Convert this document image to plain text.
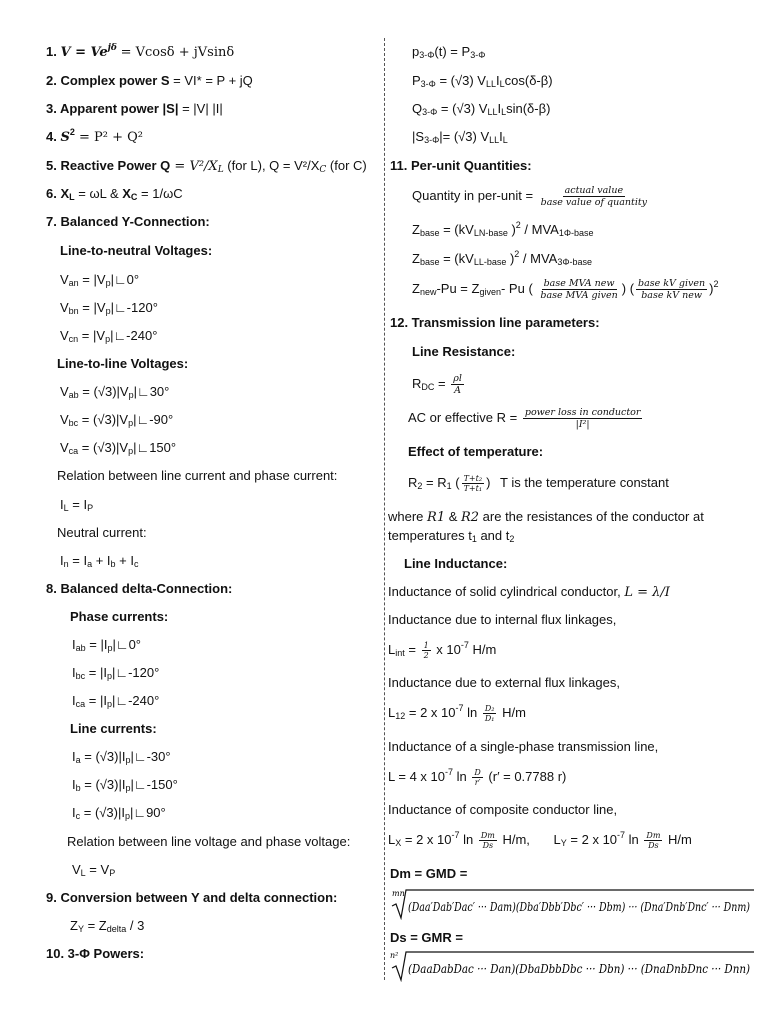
1. $V = Ve^{j\delta} = Vcos\delta + jVsin\delta$
2. Complex power S = VI* = P + jQ
3. Apparent power |S| = |V| |I|
4. $S^2 = P^2 + Q^2$
5. Reactive Power $Q = V^2/X_L$ (for L), $Q = V^2/X_C$ (for C)
6. $X_L = \omega L$ & $X_C = 1/\omega C$
7. Balanced Y-Connection:
Line-to-neutral Voltages:
$V_{an}$ = $|V_p|∟0^\circ$
$V_{bn}$ = $|V_p|∟-120^\circ$
$V_{cn}$ = $|V_p|∟-240^\circ$
Line-to-line Voltages:
$V_{ab}$ = $(√3)|V_p|∟30^\circ$
$V_{bc}$ = $(√3)|V_p|∟-90^\circ$
$V_{ca}$ = $(√3)|V_p|∟150^\circ$
Relation between line current and phase current:
$I_L = I_P$
Neutral current:
$I_n = I_a + I_b + I_c$
8. Balanced delta-Connection:
Phase currents:
$I_{ab}$ = $|I_p|∟0^\circ$
$I_{bc}$ = $|I_p|∟-120^\circ$
$I_{ca}$ = $|I_p|∟-240^\circ$
Line currents:
$I_a$ = $(√3)|I_p|∟-30^\circ$
$I_b$ = $(√3)|I_p|∟-150^\circ$
$I_c$ = $(√3)|I_p|∟90^\circ$
Relation between line voltage and phase voltage:
$V_L = V_P$
9. Conversion between Y and delta connection:
$Z_Y = Z_{delta} / 3$
10. 3-Φ Powers:
$p_{3-\Phi}(t) = P_{3-\Phi}$
$P_{3-\Phi} = (√3)$ $V_{LL}I_L\cos(\delta-\beta)$
$Q_{3-\Phi} = (√3)$ $V_{LL}I_L\sin(\delta-\beta)$
$|S_{3-\Phi}|= (√3)$ $V_{LL}I_L$
11. Per-unit Quantities:
Quantity in per-unit = $\frac{\text{actual value}}{\text{base value of quantity}}$
$Z_{base} = (kV_{LN-base}$ )$^2 / MVA_{1\Phi-base}$
$Z_{base} = (kV_{LL-base}$ )$^2 / MVA_{3\Phi-base}$
$Z_{new}-Pu = Z_{given}-$ Pu ( $\frac{\text{base MVA new}}{\text{base MVA given}}$ ) ( $\frac{\text{base kV given}}{\text{base kV new}} )^2$
12. Transmission line parameters:
Line Resistance:
$R_{DC} = \frac{\rho l}{A}$
AC or effective $R = \frac{\text{power loss in conductor}}{\text{|I²|}}$
Effect of temperature:
$R_2 = R_1$ ( $\frac{\text{T+t₂}}{\text{T+t₁}}$ ) T is the temperature constant
where R1 & R2 are the resistances of the conductor at
temperatures $t_1$ and $t_2$
Line Inductance:
Inductance of solid cylindrical conductor, L = λ/I
Inductance due to internal flux linkages,
$L_{int} = \frac{1}{2}$ x $10^{-7}$ H/m
Inductance due to external flux linkages,
$L_{12} = 2$ x $10^{-7}$ $\ln \frac{\text{D₂}}{\text{D₁}} H/m$
Inductance of a single-phase transmission line,
L = 4 x $10^{-7}$ $\ln \frac{D}{r'} (r' = 0.7788$ r)
Inductance of composite conductor line,
$L_X = 2$ x $10^{-7}$ $\ln \frac{Dm}{Ds} H/m$, $L_Y = 2$ x $10^{-7}$ $\ln \frac{Dm}{Ds} H/m$
Dm = GMD =
Ds = GMR =
mn
(Daa′Dab′Dac′ ··· Dam)(Dba′Dbb′Dbc′ ··· Dbm) ··· (Dna′Dnb′Dnc′ ··· Dnm)
n²
(DaaDabDac ··· Dan)(DbaDbbDbc ··· Dbn) ··· (DnaDnbDnc ··· Dnn)
